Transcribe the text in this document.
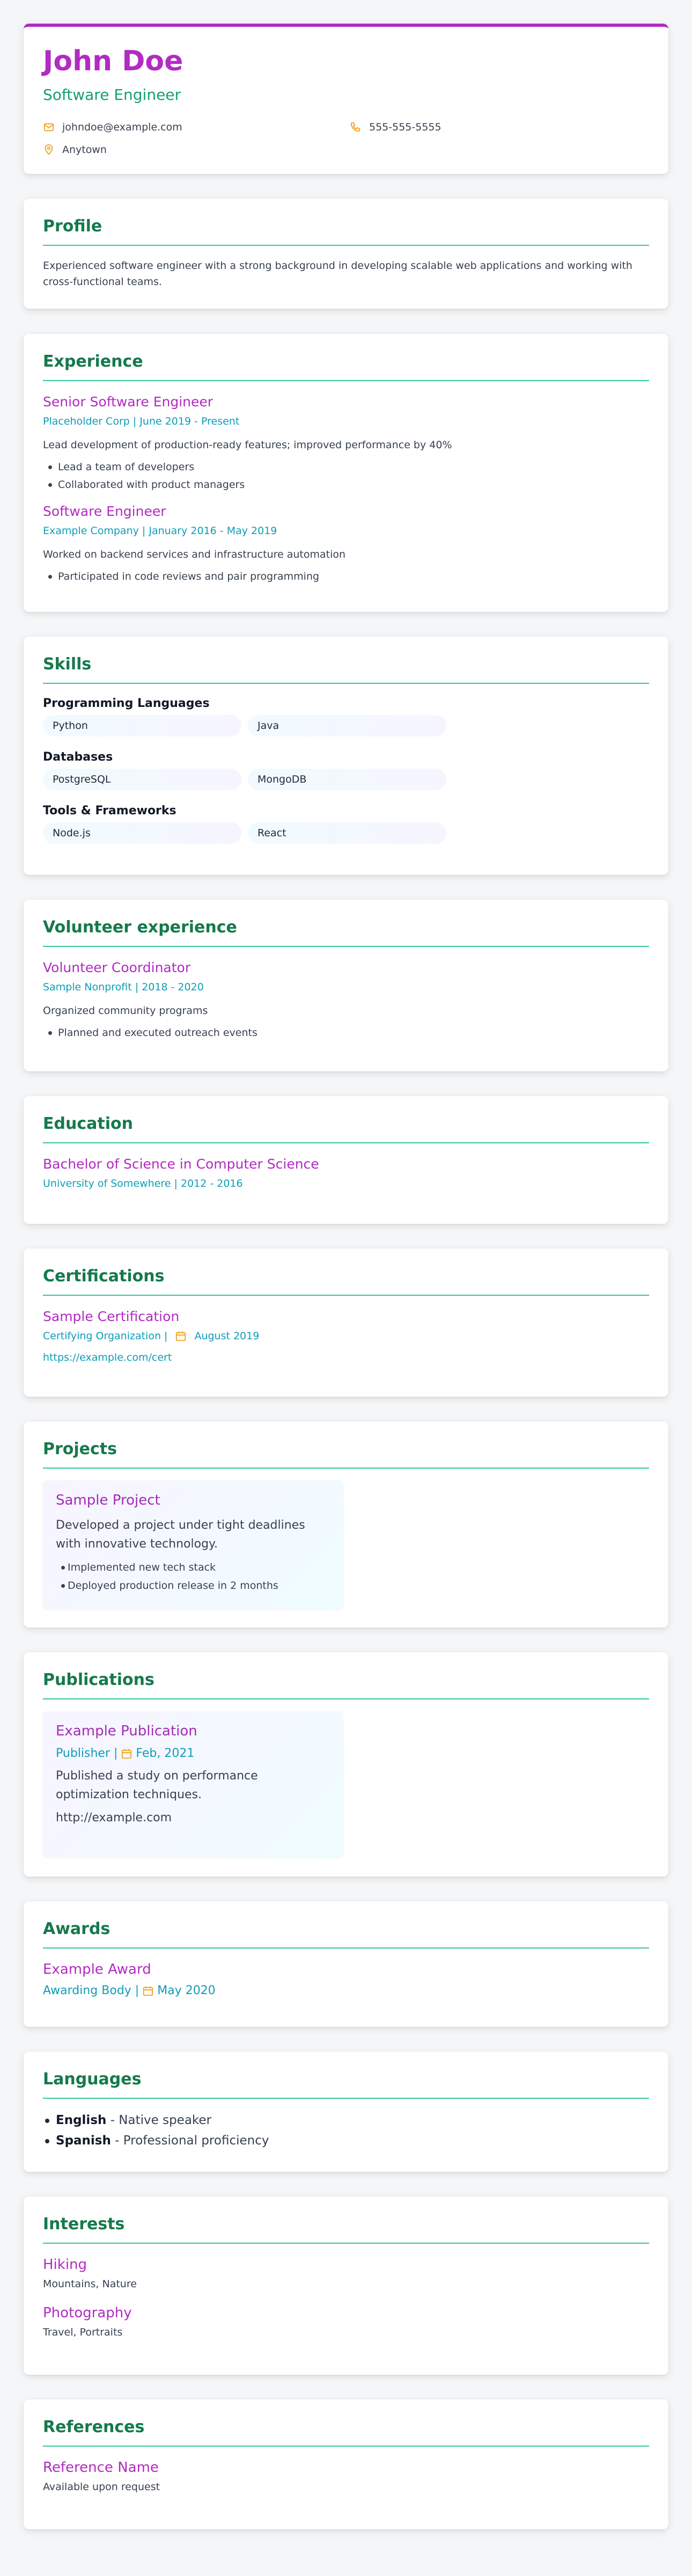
John Doe
Software Engineer
johndoe@example.com	555-555-5555
Anytown
Profile
Experienced software engineer with a strong background in developing scalable web applications and working with cross-functional teams.
Experience
Senior Software Engineer
Placeholder Corp | June 2019 - Present
Lead development of production-ready features; improved performance by 40%
Lead a team of developers
Collaborated with product managers
Software Engineer
Example Company | January 2016 - May 2019
Worked on backend services and infrastructure automation
Participated in code reviews and pair programming
Skills
Programming Languages
Python	Java
Databases
PostgreSQL	MongoDB
Tools & Frameworks
Node.js	React
Volunteer experience
Volunteer Coordinator
Sample Nonprofit | 2018 - 2020
Organized community programs
Planned and executed outreach events
Education
Bachelor of Science in Computer Science
University of Somewhere | 2012 - 2016
Certifications
Sample Certification
Certifying Organization |	August 2019
https://example.com/cert
Projects
Sample Project
Developed a project under tight deadlines with innovative technology.
Implemented new tech stack
Deployed production release in 2 months
Publications
Example Publication
Publisher | Feb, 2021
Published a study on performance optimization techniques.
http://example.com
Awards
Example Award
Awarding Body | May 2020
Languages
English - Native speaker
Spanish - Professional proficiency
Interests
Hiking
Mountains, Nature
Photography
Travel, Portraits
References
Reference Name
Available upon request
